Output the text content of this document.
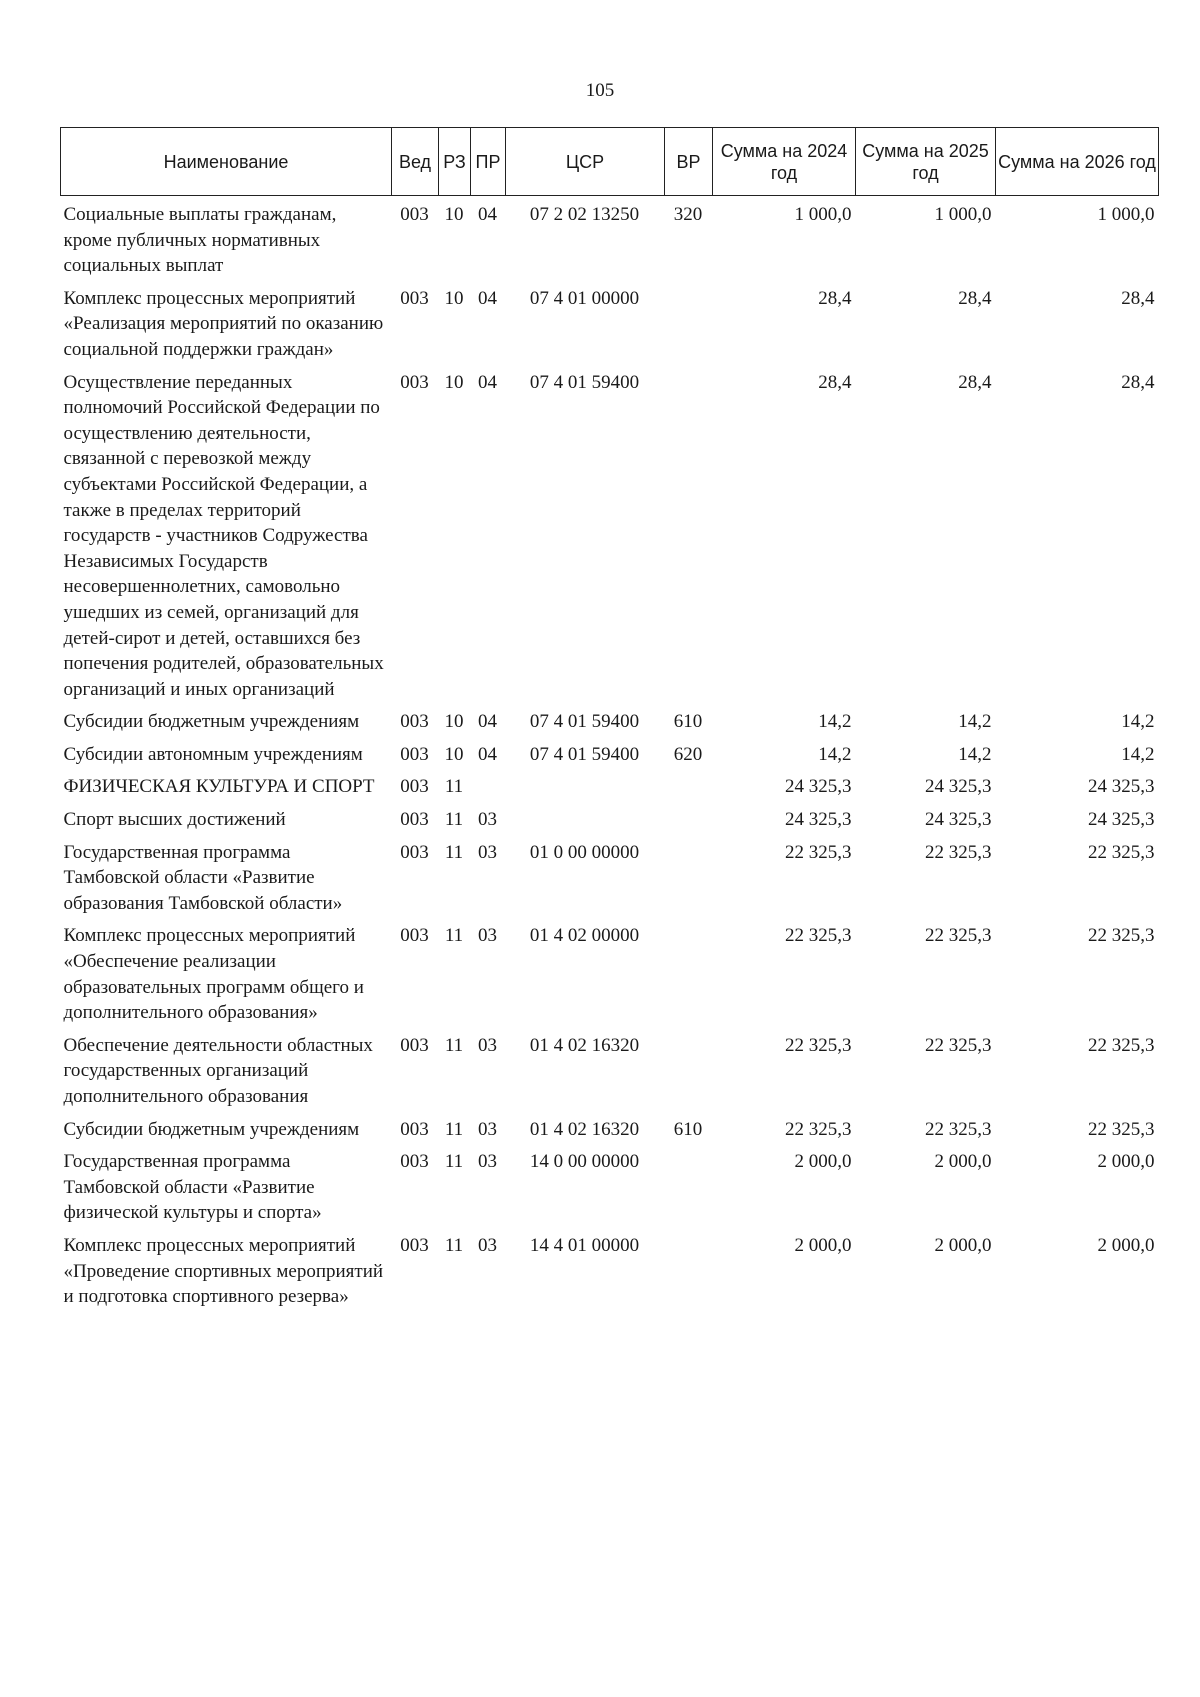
105
Наименование	Вед	РЗ	ПР	ЦСР	ВР	Сумма на 2024 год	Сумма на 2025 год	Сумма на 2026 год
Социальные выплаты гражданам, кроме публичных нормативных социальных выплат	003	10	04	07 2 02 13250	320	1 000,0	1 000,0	1 000,0
Комплекс процессных мероприятий «Реализация мероприятий по оказанию социальной поддержки граждан»	003	10	04	07 4 01 00000		28,4	28,4	28,4
Осуществление переданных полномочий Российской Федерации по осуществлению деятельности, связанной с перевозкой между субъектами Российской Федерации, а также в пределах территорий государств - участников Содружества Независимых Государств несовершеннолетних, самовольно ушедших из семей, организаций для детей-сирот и детей, оставшихся без попечения родителей, образовательных организаций и иных организаций	003	10	04	07 4 01 59400		28,4	28,4	28,4
Субсидии бюджетным учреждениям	003	10	04	07 4 01 59400	610	14,2	14,2	14,2
Субсидии автономным учреждениям	003	10	04	07 4 01 59400	620	14,2	14,2	14,2
ФИЗИЧЕСКАЯ КУЛЬТУРА И СПОРТ	003	11				24 325,3	24 325,3	24 325,3
Спорт высших достижений	003	11	03			24 325,3	24 325,3	24 325,3
Государственная программа Тамбовской области «Развитие образования Тамбовской области»	003	11	03	01 0 00 00000		22 325,3	22 325,3	22 325,3
Комплекс процессных мероприятий «Обеспечение реализации образовательных программ общего и дополнительного образования»	003	11	03	01 4 02 00000		22 325,3	22 325,3	22 325,3
Обеспечение деятельности областных государственных организаций дополнительного образования	003	11	03	01 4 02 16320		22 325,3	22 325,3	22 325,3
Субсидии бюджетным учреждениям	003	11	03	01 4 02 16320	610	22 325,3	22 325,3	22 325,3
Государственная программа Тамбовской области «Развитие физической культуры и спорта»	003	11	03	14 0 00 00000		2 000,0	2 000,0	2 000,0
Комплекс процессных мероприятий «Проведение спортивных мероприятий и подготовка спортивного резерва»	003	11	03	14 4 01 00000		2 000,0	2 000,0	2 000,0
